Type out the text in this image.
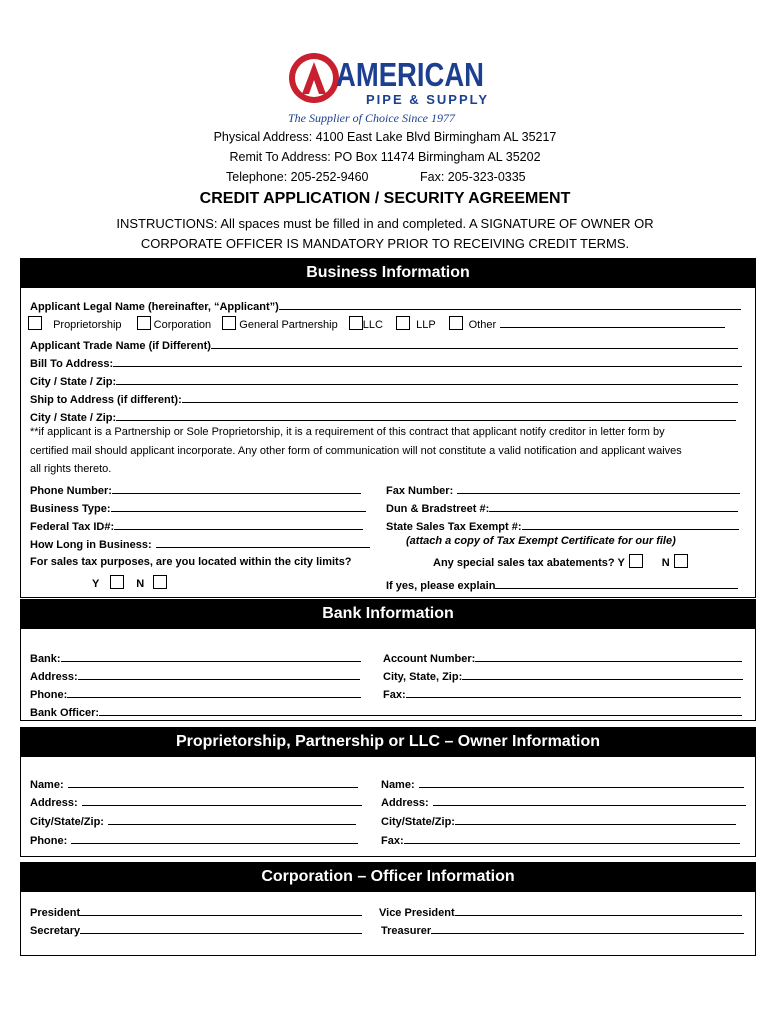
AMERICAN
PIPE & SUPPLY
The Supplier of Choice Since 1977
Physical Address: 4100 East Lake Blvd Birmingham AL 35217
Remit To Address: PO Box 11474 Birmingham AL 35202
Telephone: 205-252-9460	Fax: 205-323-0335
CREDIT APPLICATION / SECURITY AGREEMENT
INSTRUCTIONS: All spaces must be filled in and completed. A SIGNATURE OF OWNER OR
CORPORATE OFFICER IS MANDATORY PRIOR TO RECEIVING CREDIT TERMS.
Business Information
Applicant Legal Name (hereinafter, “Applicant”)
Proprietorship	Corporation	General Partnership LLC	LLP	Other
Applicant Trade Name (if Different)
Bill To Address:
City / State / Zip:
Ship to Address (if different):
City / State / Zip:
**if applicant is a Partnership or Sole Proprietorship, it is a requirement of this contract that applicant notify creditor in letter form by
certified mail should applicant incorporate. Any other form of communication will not constitute a valid notification and applicant waives
all rights thereto.
Phone Number:	Fax Number:
Business Type:	Dun & Bradstreet #:
Federal Tax ID#:	State Sales Tax Exempt #:
How Long in Business:	(attach a copy of Tax Exempt Certificate for our file)
For sales tax purposes, are you located within the city limits?	Any special sales tax abatements? Y	N
Y	N	If yes, please explain
Bank Information
Bank:	Account Number:
Address:	City, State, Zip:
Phone:	Fax:
Bank Officer:
Proprietorship, Partnership or LLC – Owner Information
Name:	Name:
Address:	Address:
City/State/Zip:	City/State/Zip:
Phone:	Fax:
Corporation – Officer Information
President	Vice President
Secretary	Treasurer
